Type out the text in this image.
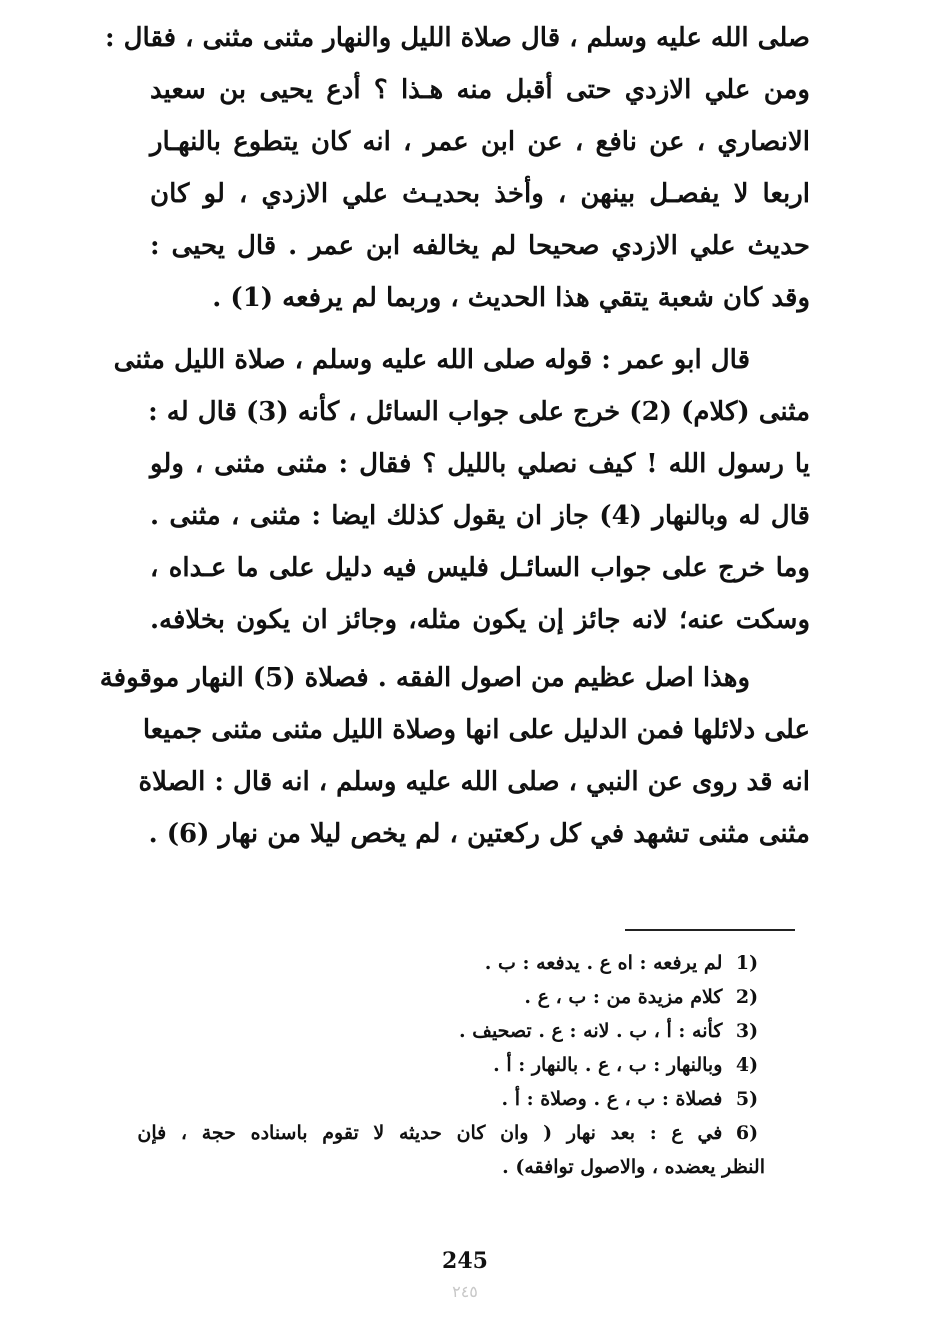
صلى الله عليه وسلم ، قال صلاة الليل والنهار مثنى مثنى ، فقال :
ومن علي الازدي حتى أقبل منه هـذا ؟ أدع يحيى بن سعيد
الانصاري ، عن نافع ، عن ابن عمر ، انه كان يتطوع بالنهـار
اربعا لا يفصـل بينهن ، وأخذ بحديـث علي الازدي ، لو كان
حديث علي الازدي صحيحا لم يخالفه ابن عمر . قال يحيى :
وقد كان شعبة يتقي هذا الحديث ، وربما لم يرفعه (1) .
قال ابو عمر : قوله صلى الله عليه وسلم ، صلاة الليل مثنى
مثنى (كلام) (2) خرج على جواب السائل ، كأنه (3) قال له :
يا رسول الله ! كيف نصلي بالليل ؟ فقال : مثنى مثنى ، ولو
قال له وبالنهار (4) جاز ان يقول كذلك ايضا : مثنى ، مثنى .
وما خرج على جواب السائـل فليس فيه دليل على ما عـداه ،
وسكت عنه؛ لانه جائز إن يكون مثله، وجائز ان يكون بخلافه.
وهذا اصل عظيم من اصول الفقه . فصلاة (5) النهار موقوفة
على دلائلها فمن الدليل على انها وصلاة الليل مثنى مثنى جميعا
انه قد روى عن النبي ، صلى الله عليه وسلم ، انه قال : الصلاة
مثنى مثنى تشهد في كل ركعتين ، لم يخص ليلا من نهار (6) .
1) لم يرفعه : اه ع . يدفعه : ب .
2) كلام مزيدة من : ب ، ع .
3) كأنه : أ ، ب . لانه : ع . تصحيف .
4) وبالنهار : ب ، ع . بالنهار : أ .
5) فصلاة : ب ، ع . وصلاة : أ .
6) في ع : بعد نهار ( وان كان حديثه لا تقوم باسناده حجة ، فإن
النظر يعضده ، والاصول توافقه) .
245
٢٤٥
